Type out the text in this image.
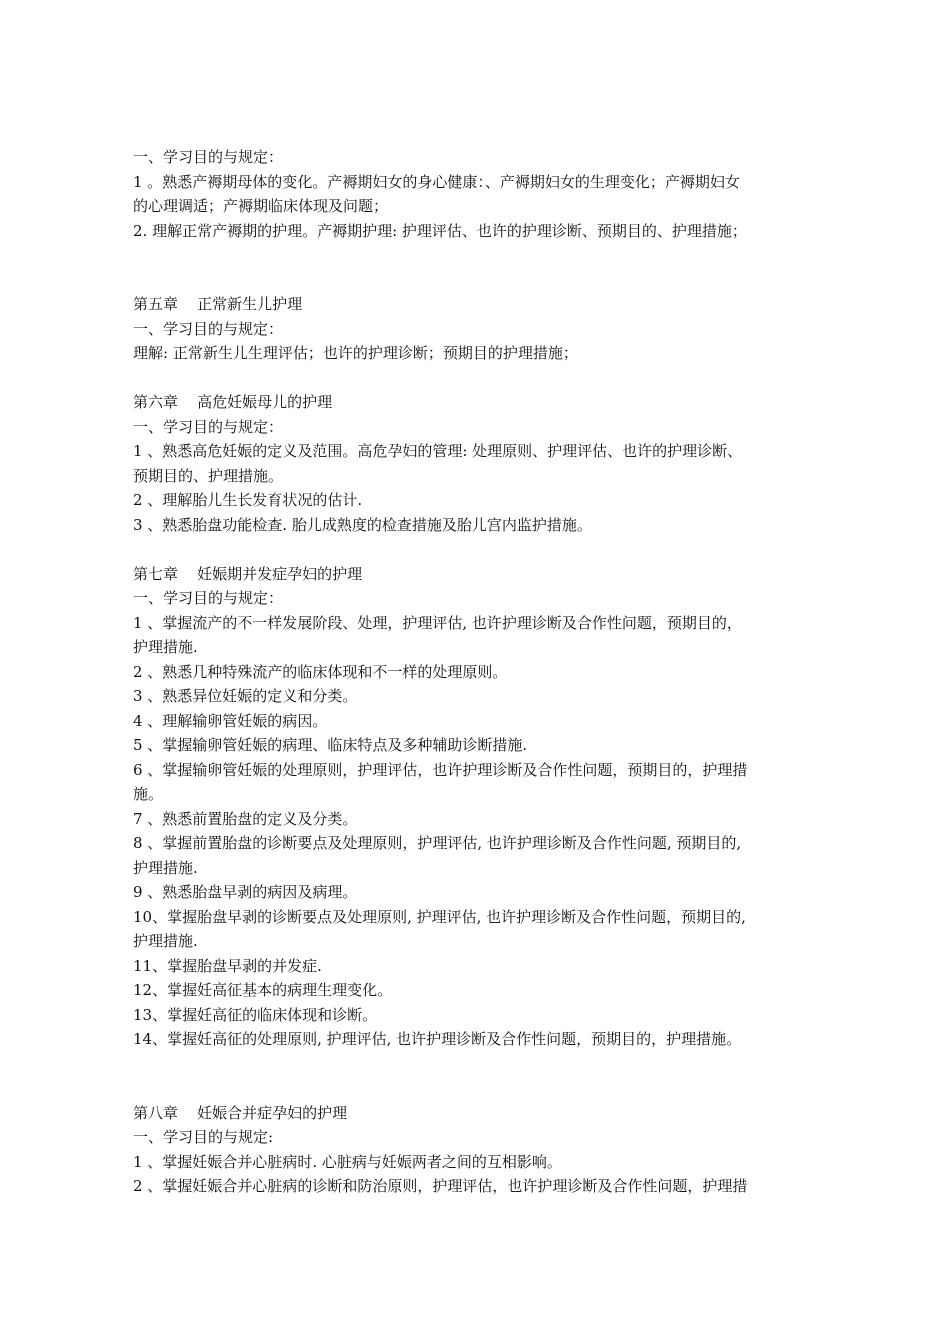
一、学习目的与规定：

1 。熟悉产褥期母体的变化。产褥期妇女的身心健康：、产褥期妇女的生理变化；产褥期妇女

的心理调适；产褥期临床体现及问题；

2. 理解正常产褥期的护理。产褥期护理: 护理评估、也许的护理诊断、预期目的、护理措施；

第五章    正常新生儿护理

一、学习目的与规定：

理解: 正常新生儿生理评估；也许的护理诊断；预期目的护理措施；

第六章    高危妊娠母儿的护理

一、学习目的与规定：

1 、熟悉高危妊娠的定义及范围。高危孕妇的管理: 处理原则、护理评估、也许的护理诊断、

预期目的、护理措施。

2 、理解胎儿生长发育状况的估计.

3 、熟悉胎盘功能检查. 胎儿成熟度的检查措施及胎儿宫内监护措施。

第七章    妊娠期并发症孕妇的护理

一、学习目的与规定：

1 、掌握流产的不一样发展阶段、处理，护理评估, 也许护理诊断及合作性问题，预期目的，

护理措施.

2 、熟悉几种特殊流产的临床体现和不一样的处理原则。

3 、熟悉异位妊娠的定义和分类。

4 、理解输卵管妊娠的病因。

5 、掌握输卵管妊娠的病理、临床特点及多种辅助诊断措施.

6 、掌握输卵管妊娠的处理原则，护理评估，也许护理诊断及合作性问题，预期目的，护理措

施。

7 、熟悉前置胎盘的定义及分类。

8 、掌握前置胎盘的诊断要点及处理原则，护理评估, 也许护理诊断及合作性问题, 预期目的,

护理措施.

9 、熟悉胎盘早剥的病因及病理。

10、掌握胎盘早剥的诊断要点及处理原则, 护理评估, 也许护理诊断及合作性问题，预期目的,

护理措施.

11、掌握胎盘早剥的并发症.

12、掌握妊高征基本的病理生理变化。

13、掌握妊高征的临床体现和诊断。

14、掌握妊高征的处理原则, 护理评估, 也许护理诊断及合作性问题，预期目的，护理措施。

第八章    妊娠合并症孕妇的护理

一、学习目的与规定:

1 、掌握妊娠合并心脏病时. 心脏病与妊娠两者之间的互相影响。

2 、掌握妊娠合并心脏病的诊断和防治原则，护理评估，也许护理诊断及合作性问题，护理措
